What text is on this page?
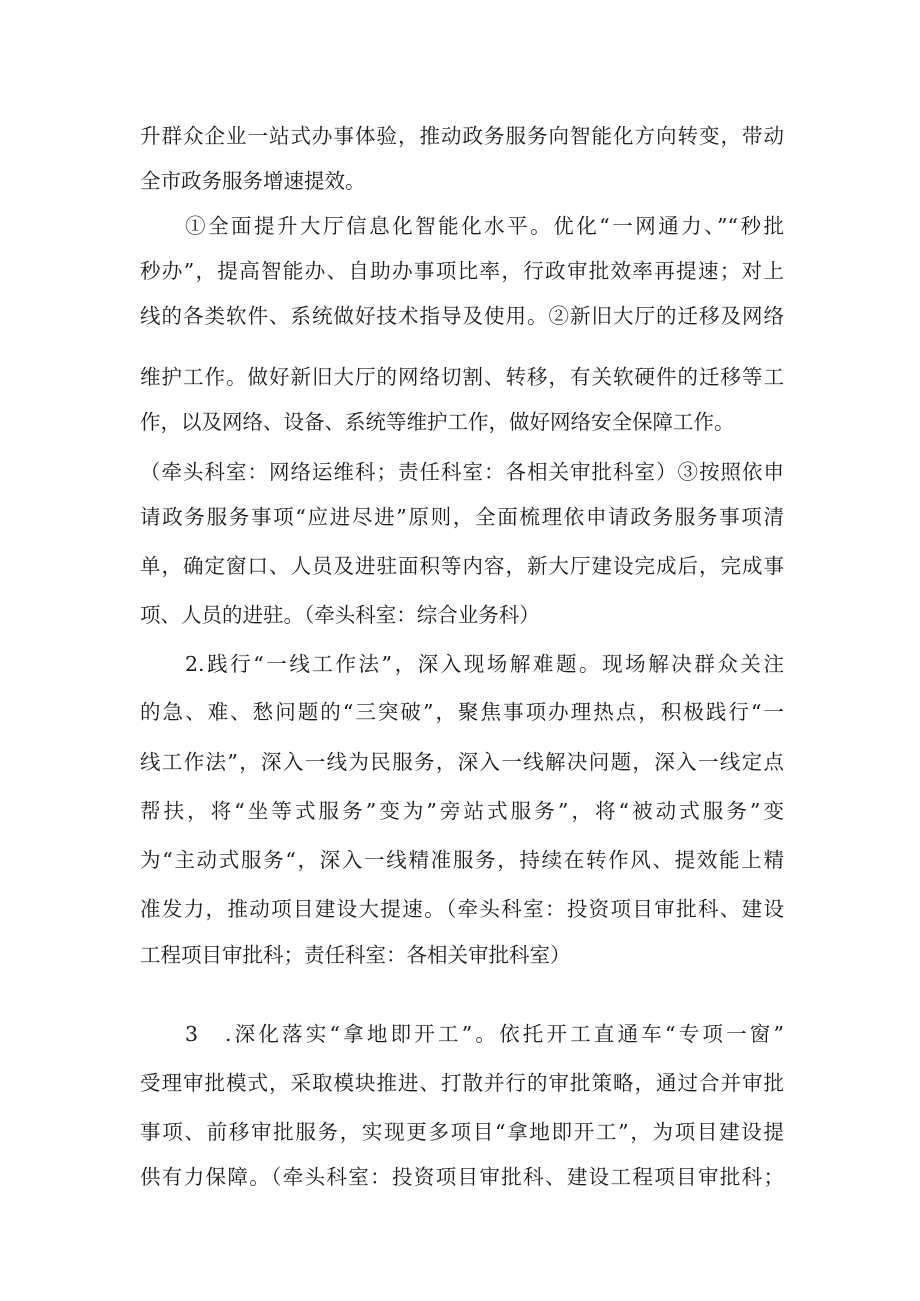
升群众企业一站式办事体验，推动政务服务向智能化方向转变，带动
全市政务服务增速提效。
①全面提升大厅信息化智能化水平。优化“一网通力、”“秒批
秒办”，提高智能办、自助办事项比率，行政审批效率再提速；对上
线的各类软件、系统做好技术指导及使用。②新旧大厅的迁移及网络
维护工作。做好新旧大厅的网络切割、转移，有关软硬件的迁移等工
作，以及网络、设备、系统等维护工作，做好网络安全保障工作。
（牵头科室：网络运维科；责任科室：各相关审批科室）③按照依申
请政务服务事项“应进尽进”原则，全面梳理依申请政务服务事项清
单，确定窗口、人员及进驻面积等内容，新大厅建设完成后，完成事
项、人员的进驻。（牵头科室：综合业务科）
2.践行“一线工作法”，深入现场解难题。现场解决群众关注
的急、难、愁问题的“三突破”，聚焦事项办理热点，积极践行“一
线工作法”，深入一线为民服务，深入一线解决问题，深入一线定点
帮扶，将“坐等式服务”变为”旁站式服务”，将“被动式服务”变
为“主动式服务“，深入一线精准服务，持续在转作风、提效能上精
准发力，推动项目建设大提速。（牵头科室：投资项目审批科、建设
工程项目审批科；责任科室：各相关审批科室）
3　.深化落实“拿地即开工”。依托开工直通车“专项一窗”
受理审批模式，采取模块推进、打散并行的审批策略，通过合并审批
事项、前移审批服务，实现更多项目“拿地即开工”，为项目建设提
供有力保障。（牵头科室：投资项目审批科、建设工程项目审批科；
